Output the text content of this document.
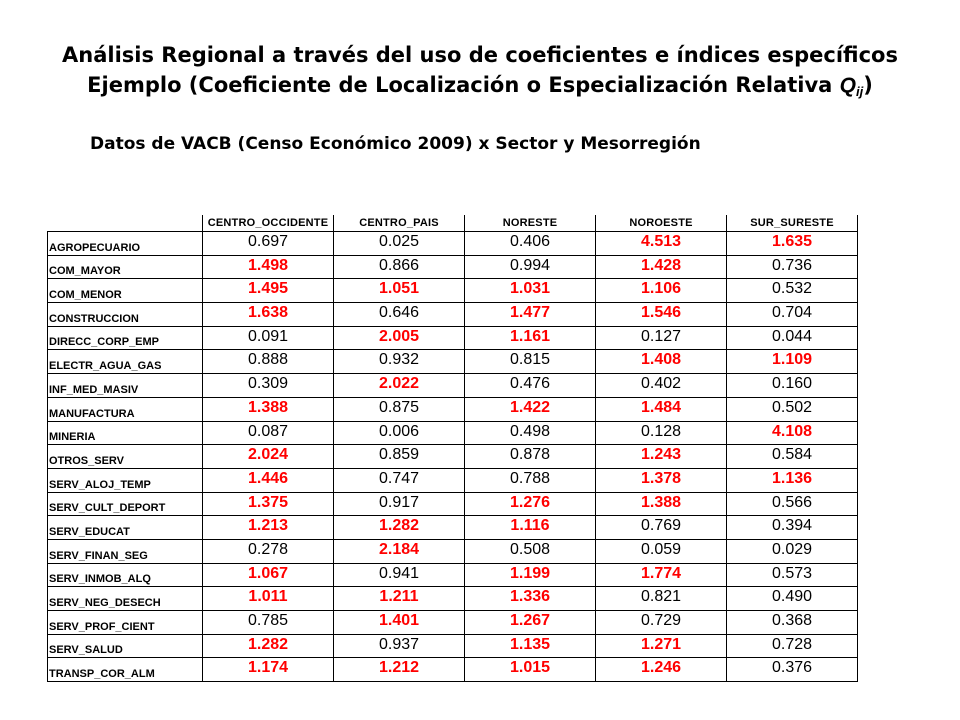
Análisis Regional a través del uso de coeficientes e índices específicos
Ejemplo (Coeficiente de Localización o Especialización Relativa $Q_{ij}$)
Datos de VACB (Censo Económico 2009) x Sector y Mesorregión
	CENTRO_OCCIDENTE	CENTRO_PAIS	NORESTE	NOROESTE	SUR_SURESTE
AGROPECUARIO	0.697	0.025	0.406	4.513	1.635
COM_MAYOR	1.498	0.866	0.994	1.428	0.736
COM_MENOR	1.495	1.051	1.031	1.106	0.532
CONSTRUCCION	1.638	0.646	1.477	1.546	0.704
DIRECC_CORP_EMP	0.091	2.005	1.161	0.127	0.044
ELECTR_AGUA_GAS	0.888	0.932	0.815	1.408	1.109
INF_MED_MASIV	0.309	2.022	0.476	0.402	0.160
MANUFACTURA	1.388	0.875	1.422	1.484	0.502
MINERIA	0.087	0.006	0.498	0.128	4.108
OTROS_SERV	2.024	0.859	0.878	1.243	0.584
SERV_ALOJ_TEMP	1.446	0.747	0.788	1.378	1.136
SERV_CULT_DEPORT	1.375	0.917	1.276	1.388	0.566
SERV_EDUCAT	1.213	1.282	1.116	0.769	0.394
SERV_FINAN_SEG	0.278	2.184	0.508	0.059	0.029
SERV_INMOB_ALQ	1.067	0.941	1.199	1.774	0.573
SERV_NEG_DESECH	1.011	1.211	1.336	0.821	0.490
SERV_PROF_CIENT	0.785	1.401	1.267	0.729	0.368
SERV_SALUD	1.282	0.937	1.135	1.271	0.728
TRANSP_COR_ALM	1.174	1.212	1.015	1.246	0.376
